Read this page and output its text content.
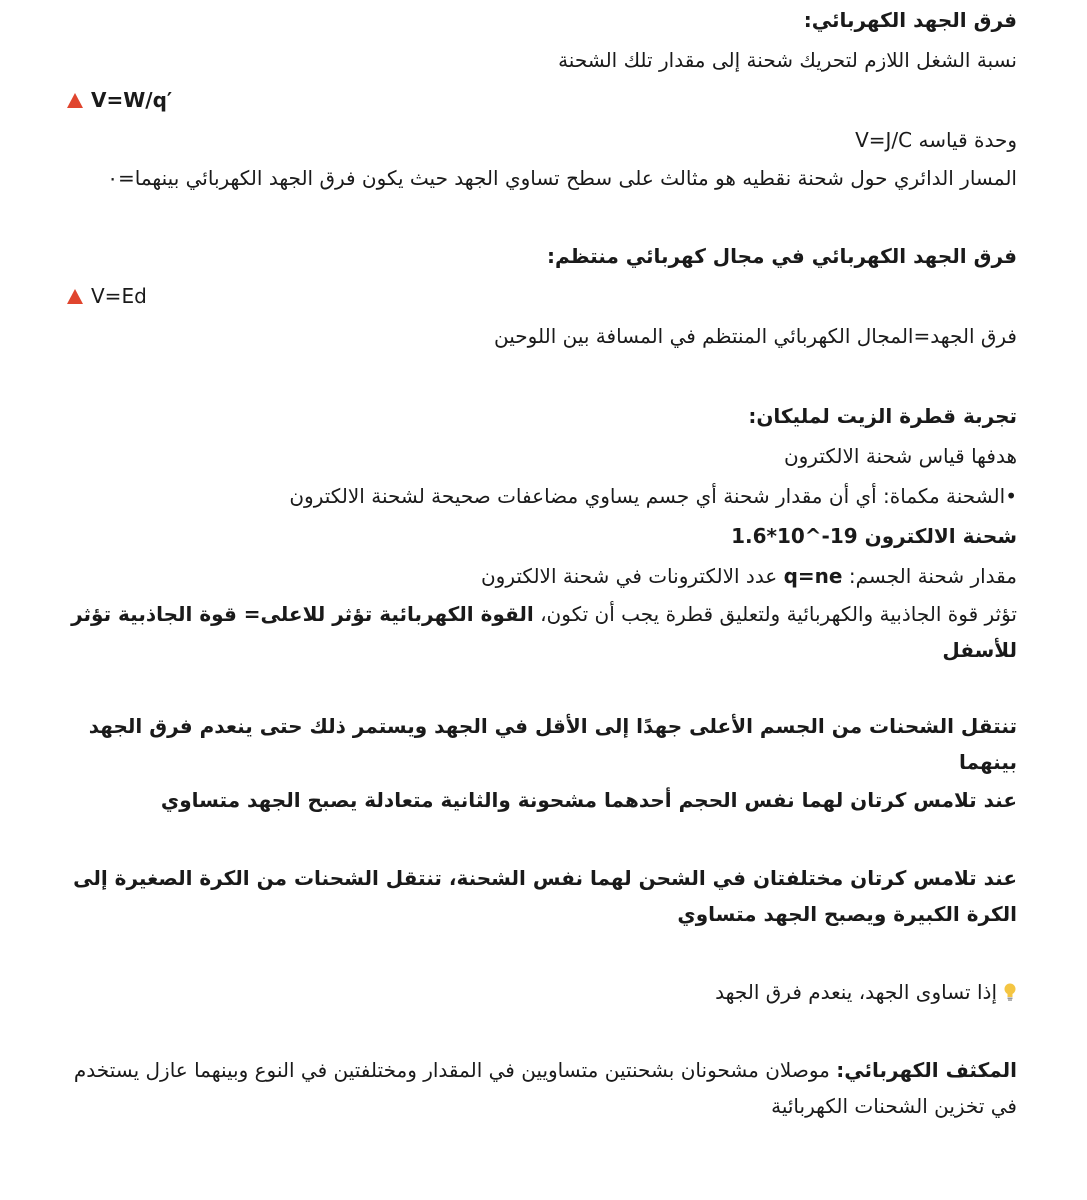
فرق الجهد الكهربائي:

نسبة الشغل اللازم لتحريك شحنة إلى مقدار تلك الشحنة

V=W/q′

وحدة قياسه V=J/C

المسار الدائري حول شحنة نقطيه هو مثالث على سطح تساوي الجهد حيث يكون فرق الجهد الكهربائي بينهما=٠

فرق الجهد الكهربائي في مجال كهربائي منتظم:

V=Ed

فرق الجهد=المجال الكهربائي المنتظم في المسافة بين اللوحين

تجربة قطرة الزيت لمليكان:

هدفها قياس شحنة الالكترون

•الشحنة مكماة: أي أن مقدار شحنة أي جسم يساوي مضاعفات صحيحة لشحنة الالكترون

1.6*10^-19 شحنة الالكترون

مقدار شحنة الجسم: q=ne عدد الالكترونات في شحنة الالكترون

تؤثر قوة الجاذبية والكهربائية ولتعليق قطرة يجب أن تكون، القوة الكهربائية تؤثر للاعلى= قوة الجاذبية تؤثر للأسفل

تنتقل الشحنات من الجسم الأعلى جهدًا إلى الأقل في الجهد ويستمر ذلك حتى ينعدم فرق الجهد بينهما

عند تلامس كرتان لهما نفس الحجم أحدهما مشحونة والثانية متعادلة يصبح الجهد متساوي

عند تلامس كرتان مختلفتان في الشحن لهما نفس الشحنة، تنتقل الشحنات من الكرة الصغيرة إلى الكرة الكبيرة ويصبح الجهد متساوي

إذا تساوى الجهد، ينعدم فرق الجهد

المكثف الكهربائي: موصلان مشحونان بشحنتين متساويين في المقدار ومختلفتين في النوع وبينهما عازل يستخدم في تخزين الشحنات الكهربائية
